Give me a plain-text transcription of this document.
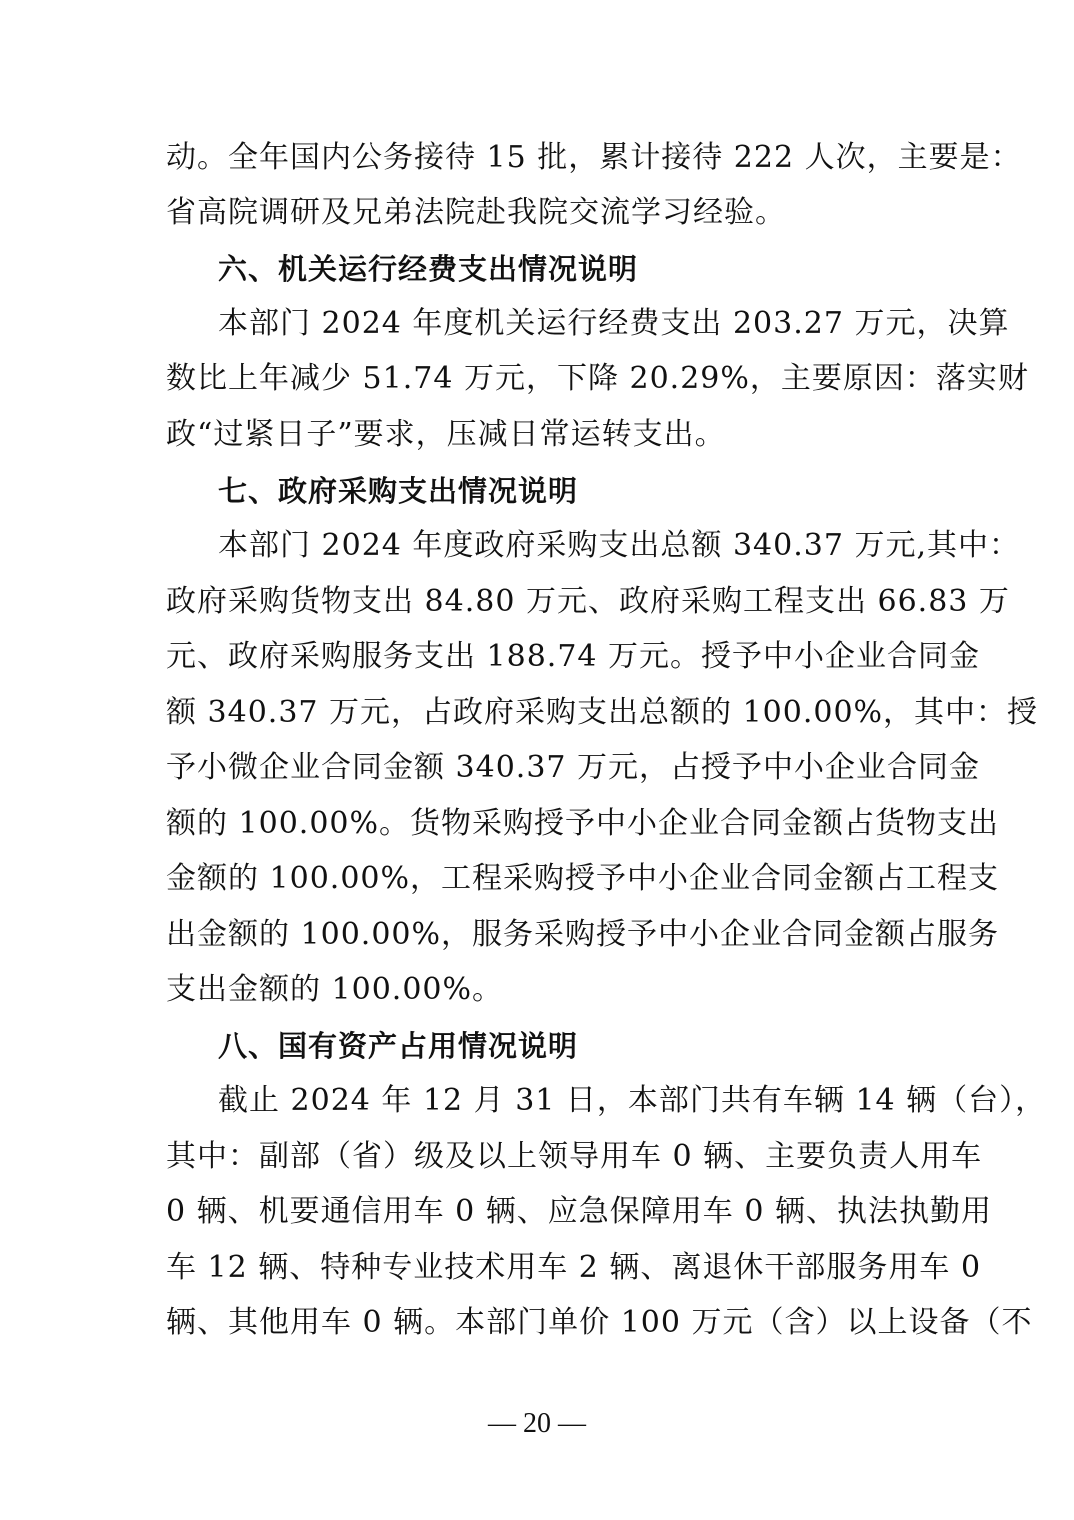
动。全年国内公务接待 15 批，累计接待 222 人次，主要是：
省高院调研及兄弟法院赴我院交流学习经验。
六、机关运行经费支出情况说明
本部门 2024 年度机关运行经费支出 203.27 万元，决算
数比上年减少 51.74 万元，下降 20.29%，主要原因：落实财
政“过紧日子”要求，压减日常运转支出。
七、政府采购支出情况说明
本部门 2024 年度政府采购支出总额 340.37 万元,其中：
政府采购货物支出 84.80 万元、政府采购工程支出 66.83 万
元、政府采购服务支出 188.74 万元。授予中小企业合同金
额 340.37 万元，占政府采购支出总额的 100.00%，其中：授
予小微企业合同金额 340.37 万元，占授予中小企业合同金
额的 100.00%。货物采购授予中小企业合同金额占货物支出
金额的 100.00%，工程采购授予中小企业合同金额占工程支
出金额的 100.00%，服务采购授予中小企业合同金额占服务
支出金额的 100.00%。
八、国有资产占用情况说明
截止 2024 年 12 月 31 日，本部门共有车辆 14 辆（台），
其中：副部（省）级及以上领导用车 0 辆、主要负责人用车
0 辆、机要通信用车 0 辆、应急保障用车 0 辆、执法执勤用
车 12 辆、特种专业技术用车 2 辆、离退休干部服务用车 0
辆、其他用车 0 辆。本部门单价 100 万元（含）以上设备（不
— 20 —
